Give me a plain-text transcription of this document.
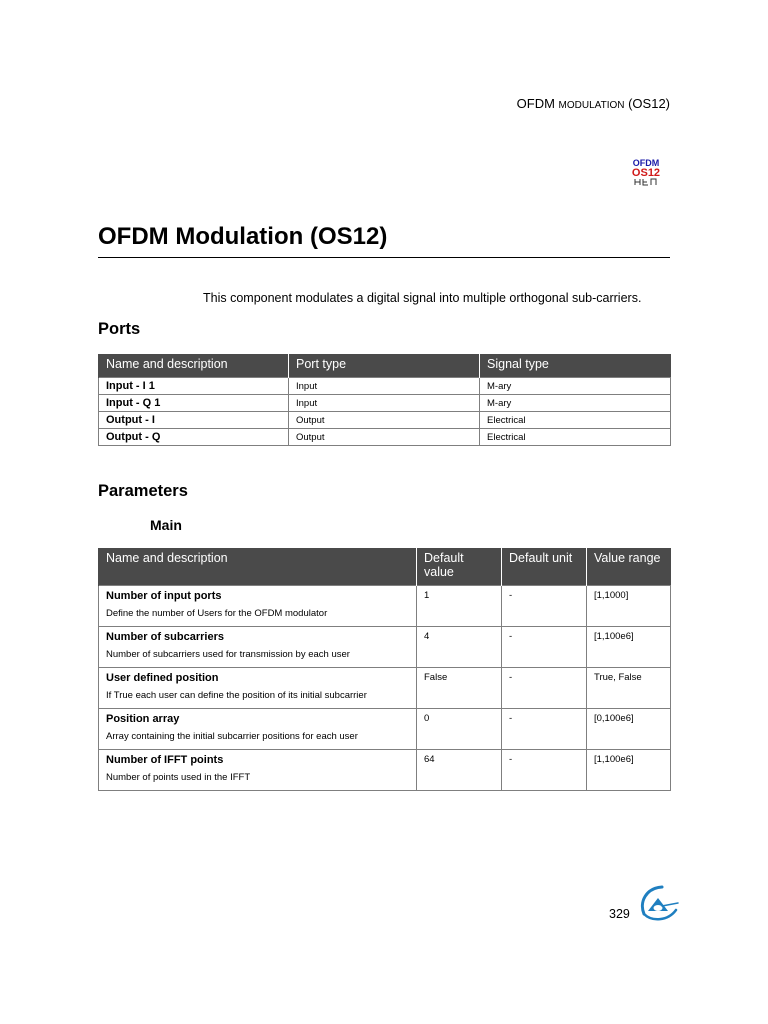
OFDM MODULATION (OS12)
OFDM
OS12
OFDM Modulation (OS12)

This component modulates a digital signal into multiple orthogonal sub-carriers.

Ports
Name and description	Port type	Signal type
Input - I 1	Input	M-ary
Input - Q 1	Input	M-ary
Output - I	Output	Electrical
Output - Q	Output	Electrical
Parameters
Main
Name and description	Default value	Default unit	Value range

Number of input ports
Define the number of Users for the OFDM modulator	1	-	[1,1000]

Number of subcarriers
Number of subcarriers used for transmission by each user	4	-	[1,100e6]

User defined position
If True each user can define the position of its initial subcarrier	False	-	True, False

Position array
Array containing the initial subcarrier positions for each user	0	-	[0,100e6]

Number of IFFT points
Number of points used in the IFFT	64	-	[1,100e6]
329
